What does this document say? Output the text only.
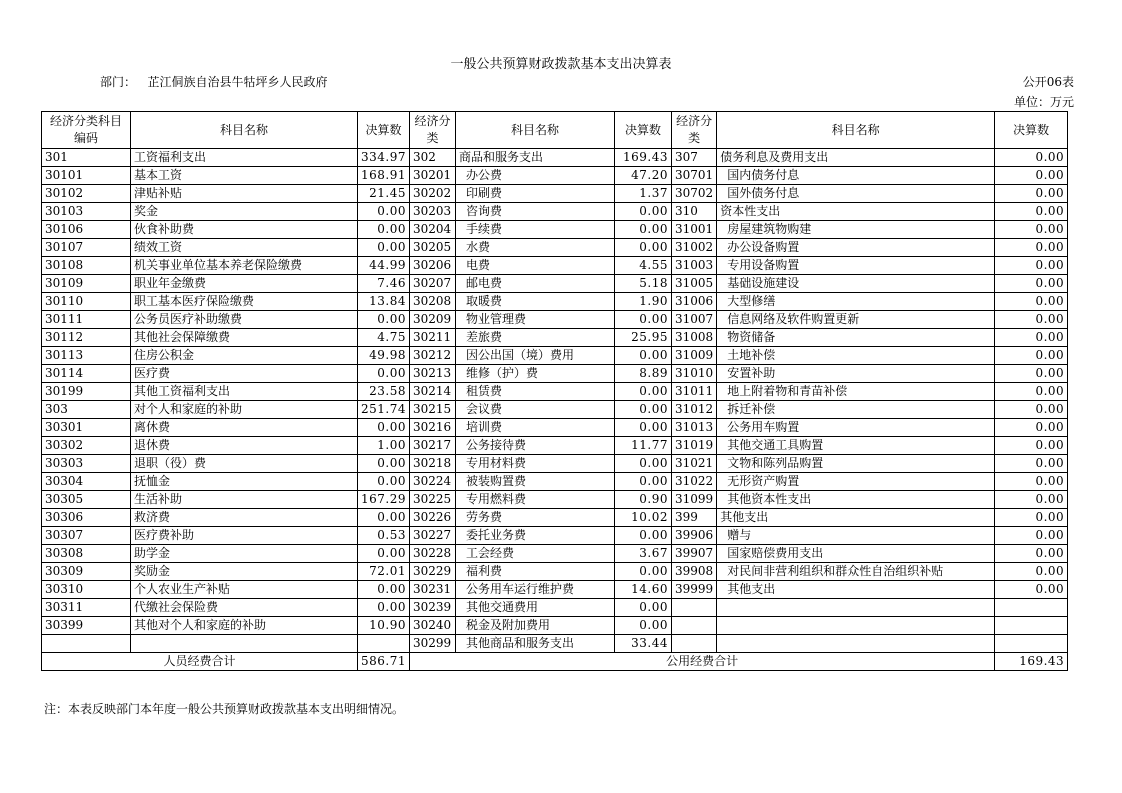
一般公共预算财政拨款基本支出决算表
部门： 芷江侗族自治县牛牯坪乡人民政府	公开06表
单位：万元
经济分类科目编码	科目名称	决算数	经济分类	科目名称	决算数	经济分类	科目名称	决算数
301	工资福利支出	334.97	302	商品和服务支出	169.43	307	债务利息及费用支出	0.00
30101	基本工资	168.91	30201	办公费	47.20	30701	国内债务付息	0.00
30102	津贴补贴	21.45	30202	印刷费	1.37	30702	国外债务付息	0.00
30103	奖金	0.00	30203	咨询费	0.00	310	资本性支出	0.00
30106	伙食补助费	0.00	30204	手续费	0.00	31001	房屋建筑物购建	0.00
30107	绩效工资	0.00	30205	水费	0.00	31002	办公设备购置	0.00
30108	机关事业单位基本养老保险缴费	44.99	30206	电费	4.55	31003	专用设备购置	0.00
30109	职业年金缴费	7.46	30207	邮电费	5.18	31005	基础设施建设	0.00
30110	职工基本医疗保险缴费	13.84	30208	取暖费	1.90	31006	大型修缮	0.00
30111	公务员医疗补助缴费	0.00	30209	物业管理费	0.00	31007	信息网络及软件购置更新	0.00
30112	其他社会保障缴费	4.75	30211	差旅费	25.95	31008	物资储备	0.00
30113	住房公积金	49.98	30212	因公出国（境）费用	0.00	31009	土地补偿	0.00
30114	医疗费	0.00	30213	维修（护）费	8.89	31010	安置补助	0.00
30199	其他工资福利支出	23.58	30214	租赁费	0.00	31011	地上附着物和青苗补偿	0.00
303	对个人和家庭的补助	251.74	30215	会议费	0.00	31012	拆迁补偿	0.00
30301	离休费	0.00	30216	培训费	0.00	31013	公务用车购置	0.00
30302	退休费	1.00	30217	公务接待费	11.77	31019	其他交通工具购置	0.00
30303	退职（役）费	0.00	30218	专用材料费	0.00	31021	文物和陈列品购置	0.00
30304	抚恤金	0.00	30224	被装购置费	0.00	31022	无形资产购置	0.00
30305	生活补助	167.29	30225	专用燃料费	0.90	31099	其他资本性支出	0.00
30306	救济费	0.00	30226	劳务费	10.02	399	其他支出	0.00
30307	医疗费补助	0.53	30227	委托业务费	0.00	39906	赠与	0.00
30308	助学金	0.00	30228	工会经费	3.67	39907	国家赔偿费用支出	0.00
30309	奖励金	72.01	30229	福利费	0.00	39908	对民间非营利组织和群众性自治组织补贴	0.00
30310	个人农业生产补贴	0.00	30231	公务用车运行维护费	14.60	39999	其他支出	0.00
30311	代缴社会保险费	0.00	30239	其他交通费用	0.00			
30399	其他对个人和家庭的补助	10.90	30240	税金及附加费用	0.00			
			30299	其他商品和服务支出	33.44			
人员经费合计		586.71	公用经费合计					169.43
注：本表反映部门本年度一般公共预算财政拨款基本支出明细情况。
